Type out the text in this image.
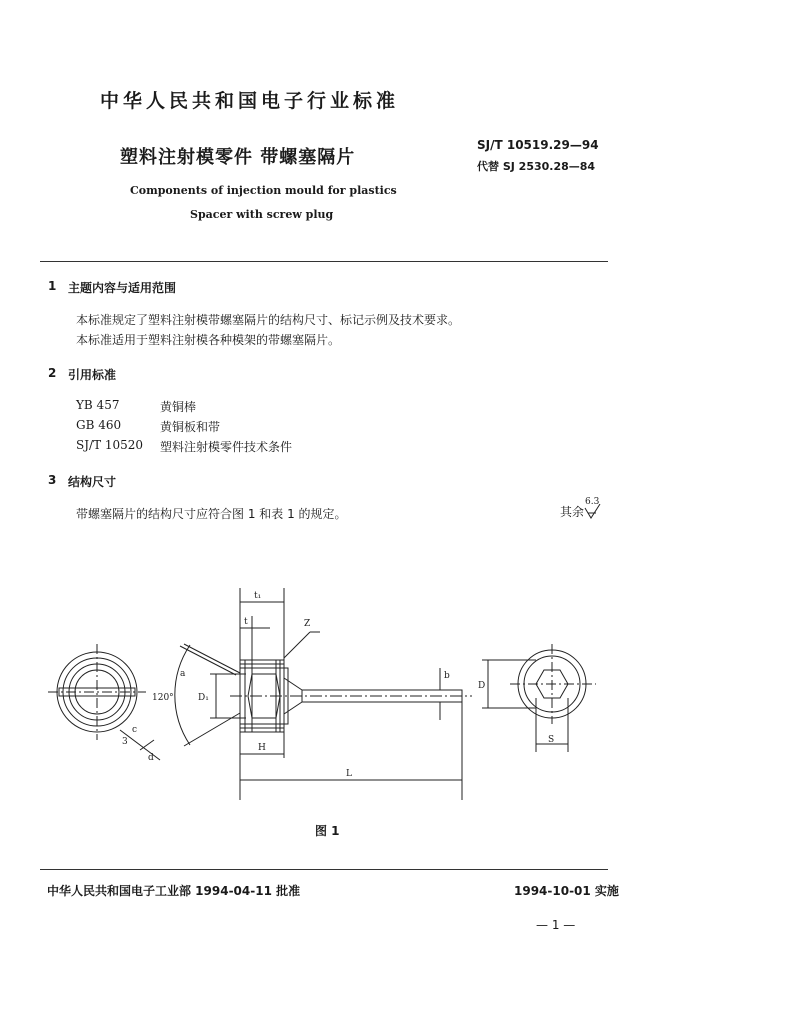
中华人民共和国电子行业标准
塑料注射模零件 带螺塞隔片
SJ/T 10519.29—94
代替 SJ 2530.28—84
Components of injection mould for plastics
Spacer with screw plug
1 主题内容与适用范围
本标准规定了塑料注射模带螺塞隔片的结构尺寸、标记示例及技术要求。
本标准适用于塑料注射模各种模架的带螺塞隔片。
2 引用标准
YB 457	黄铜棒
GB 460	黄铜板和带
SJ/T 10520 塑料注射模零件技术条件
3 结构尺寸
带螺塞隔片的结构尺寸应符合图 1 和表 1 的规定。	其余
6.3
t₁
t	Z
b
D₁
D
H
L
S
120°
a
c
3
d
图 1
中华人民共和国电子工业部 1994-04-11 批准	1994-10-01 实施
— 1 —
